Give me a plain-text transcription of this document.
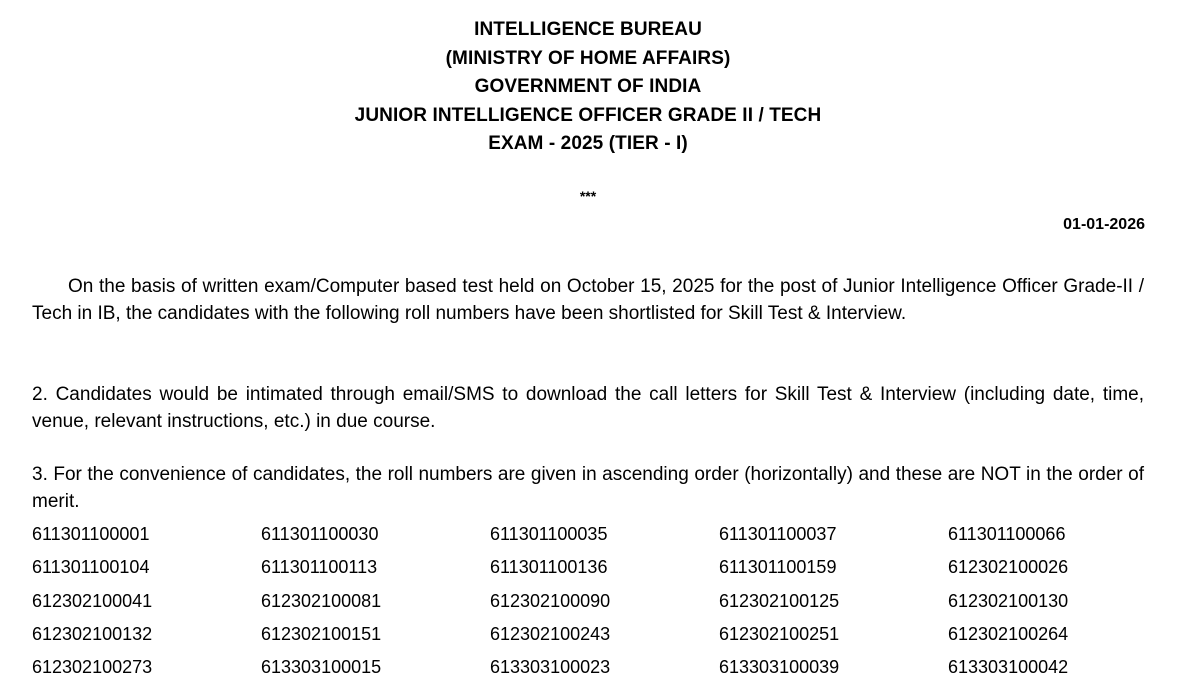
INTELLIGENCE BUREAU
(MINISTRY OF HOME AFFAIRS)
GOVERNMENT OF INDIA
JUNIOR INTELLIGENCE OFFICER GRADE II / TECH
EXAM - 2025 (TIER - I)
***
01-01-2026
On the basis of written exam/Computer based test held on October 15, 2025 for the post of Junior Intelligence Officer Grade-II / Tech in IB, the candidates with the following roll numbers have been shortlisted for Skill Test & Interview.
2. Candidates would be intimated through email/SMS to download the call letters for Skill Test & Interview (including date, time, venue, relevant instructions, etc.) in due course.
3. For the convenience of candidates, the roll numbers are given in ascending order (horizontally) and these are NOT in the order of merit.
611301100001	611301100030	611301100035	611301100037	611301100066
611301100104	611301100113	611301100136	611301100159	612302100026
612302100041	612302100081	612302100090	612302100125	612302100130
612302100132	612302100151	612302100243	612302100251	612302100264
612302100273	613303100015	613303100023	613303100039	613303100042
